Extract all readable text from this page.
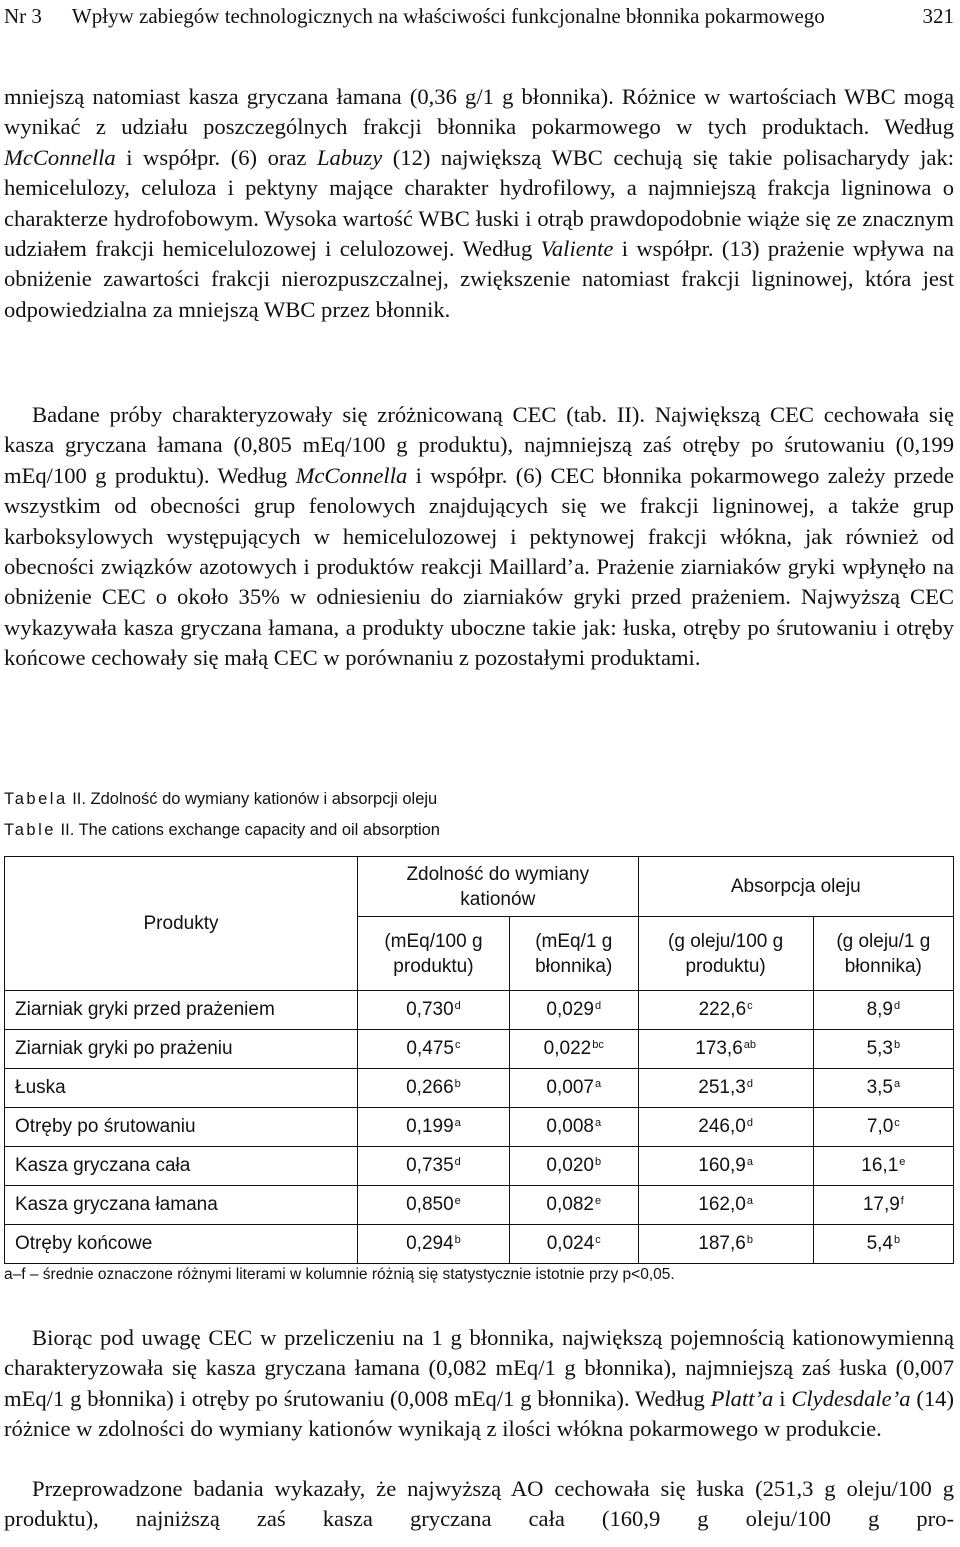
Nr 3 Wpływ zabiegów technologicznych na właściwości funkcjonalne błonnika pokarmowego	321

mniejszą natomiast kasza gryczana łamana (0,36 g/1 g błonnika). Różnice w wartościach WBC mogą wynikać z udziału poszczególnych frakcji błonnika pokarmowego w tych produktach. Według McConnella i współpr. (6) oraz Labuzy (12) największą WBC cechują się takie polisacharydy jak: hemicelulozy, celuloza i pektyny mające charakter hydrofilowy, a najmniejszą frakcja ligninowa o charakterze hydrofobowym. Wysoka wartość WBC łuski i otrąb prawdopodobnie wiąże się ze znacznym udziałem frakcji hemicelulozowej i celulozowej. Według Valiente i współpr. (13) prażenie wpływa na obniżenie zawartości frakcji nierozpuszczalnej, zwiększenie natomiast frakcji ligninowej, która jest odpowiedzialna za mniejszą WBC przez błonnik.

Badane próby charakteryzowały się zróżnicowaną CEC (tab. II). Największą CEC cechowała się kasza gryczana łamana (0,805 mEq/100 g produktu), najmniejszą zaś otręby po śrutowaniu (0,199 mEq/100 g produktu). Według McConnella i współpr. (6) CEC błonnika pokarmowego zależy przede wszystkim od obecności grup fenolowych znajdujących się we frakcji ligninowej, a także grup karboksylowych występujących w hemicelulozowej i pektynowej frakcji włókna, jak również od obecności związków azotowych i produktów reakcji Maillard’a. Prażenie ziarniaków gryki wpłynęło na obniżenie CEC o około 35% w odniesieniu do ziarniaków gryki przed prażeniem. Najwyższą CEC wykazywała kasza gryczana łamana, a produkty uboczne takie jak: łuska, otręby po śrutowaniu i otręby końcowe cechowały się małą CEC w porównaniu z pozostałymi produktami.

Tabela II. Zdolność do wymiany kationów i absorpcji oleju
Table II. The cations exchange capacity and oil absorption
Produkty	Zdolność do wymiany kationów		Absorpcja oleju	

	(mEq/100 g produktu)	(mEq/1 g błonnika)	(g oleju/100 g produktu)	(g oleju/1 g błonnika)

Ziarniak gryki przed prażeniem	0,730$^d$	0,029$^d$	222,6$^c$	8,9$^d$
Ziarniak gryki po prażeniu	0,475$^c$	0,022$^{bc}$	173,6$^{ab}$	5,3$^b$
Łuska	0,266$^b$	0,007$^a$	251,3$^d$	3,5$^a$
Otręby po śrutowaniu	0,199$^a$	0,008$^a$	246,0$^d$	7,0$^c$
Kasza gryczana cała	0,735$^d$	0,020$^b$	160,9$^a$	16,1e
Kasza gryczana łamana	0,850e	0,082e	162,0$^a$	17,9$^f$
Otręby końcowe	0,294$^b$	0,024$^c$	187,6$^b$	5,4$^b$
a–f – średnie oznaczone różnymi literami w kolumnie różnią się statystycznie istotnie przy p<0,05.

Biorąc pod uwagę CEC w przeliczeniu na 1 g błonnika, największą pojemnością kationowymienną charakteryzowała się kasza gryczana łamana (0,082 mEq/1 g błonnika), najmniejszą zaś łuska (0,007 mEq/1 g błonnika) i otręby po śrutowaniu (0,008 mEq/1 g błonnika). Według Platt’a i Clydesdale’a (14) różnice w zdolności do wymiany kationów wynikają z ilości włókna pokarmowego w produkcie.

Przeprowadzone badania wykazały, że najwyższą AO cechowała się łuska (251,3 g oleju/100 g produktu), najniższą zaś kasza gryczana cała (160,9 g oleju/100 g pro-
